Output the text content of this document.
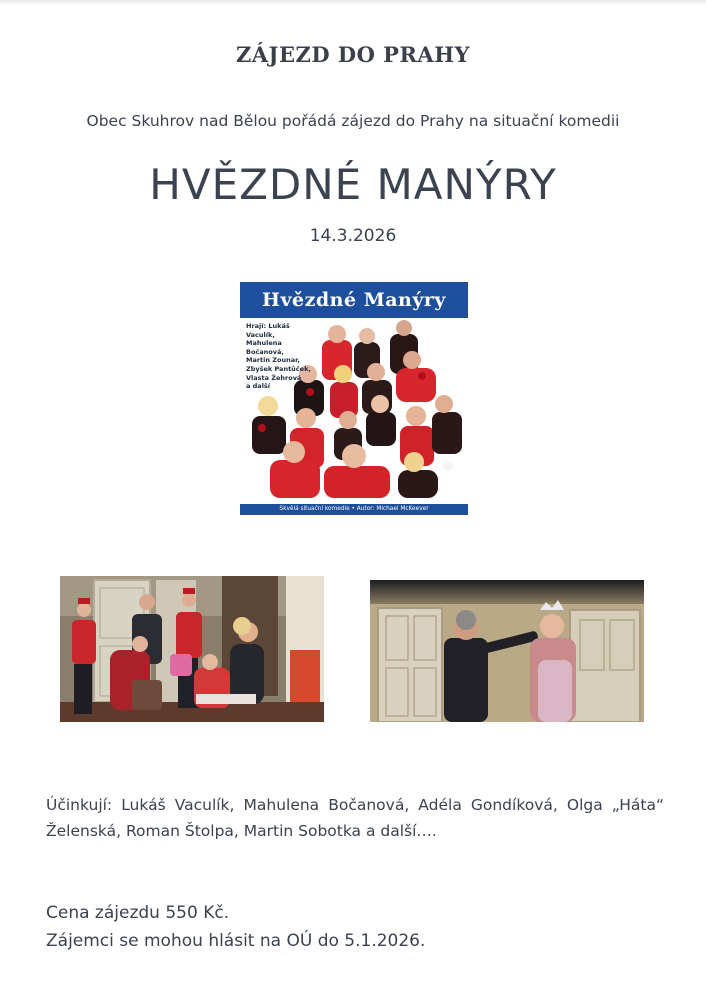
ZÁJEZD DO PRAHY
Obec Skuhrov nad Bělou pořádá zájezd do Prahy na situační komedii
HVĚZDNÉ MANÝRY
14.3.2026
Hvězdné Manýry
Hrají: Lukáš Vaculík,
Mahulena Bočanová,
Martin Zounar,
Zbyšek Pantůček,
Vlasta Žehrová
a další
Skvělá situační komedie • Autor: Michael McKeever
Účinkují: Lukáš Vaculík, Mahulena Bočanová, Adéla Gondíková, Olga „Háta“ Želenská, Roman Štolpa, Martin Sobotka a další….
Cena zájezdu 550 Kč.
Zájemci se mohou hlásit na OÚ do 5.1.2026.
